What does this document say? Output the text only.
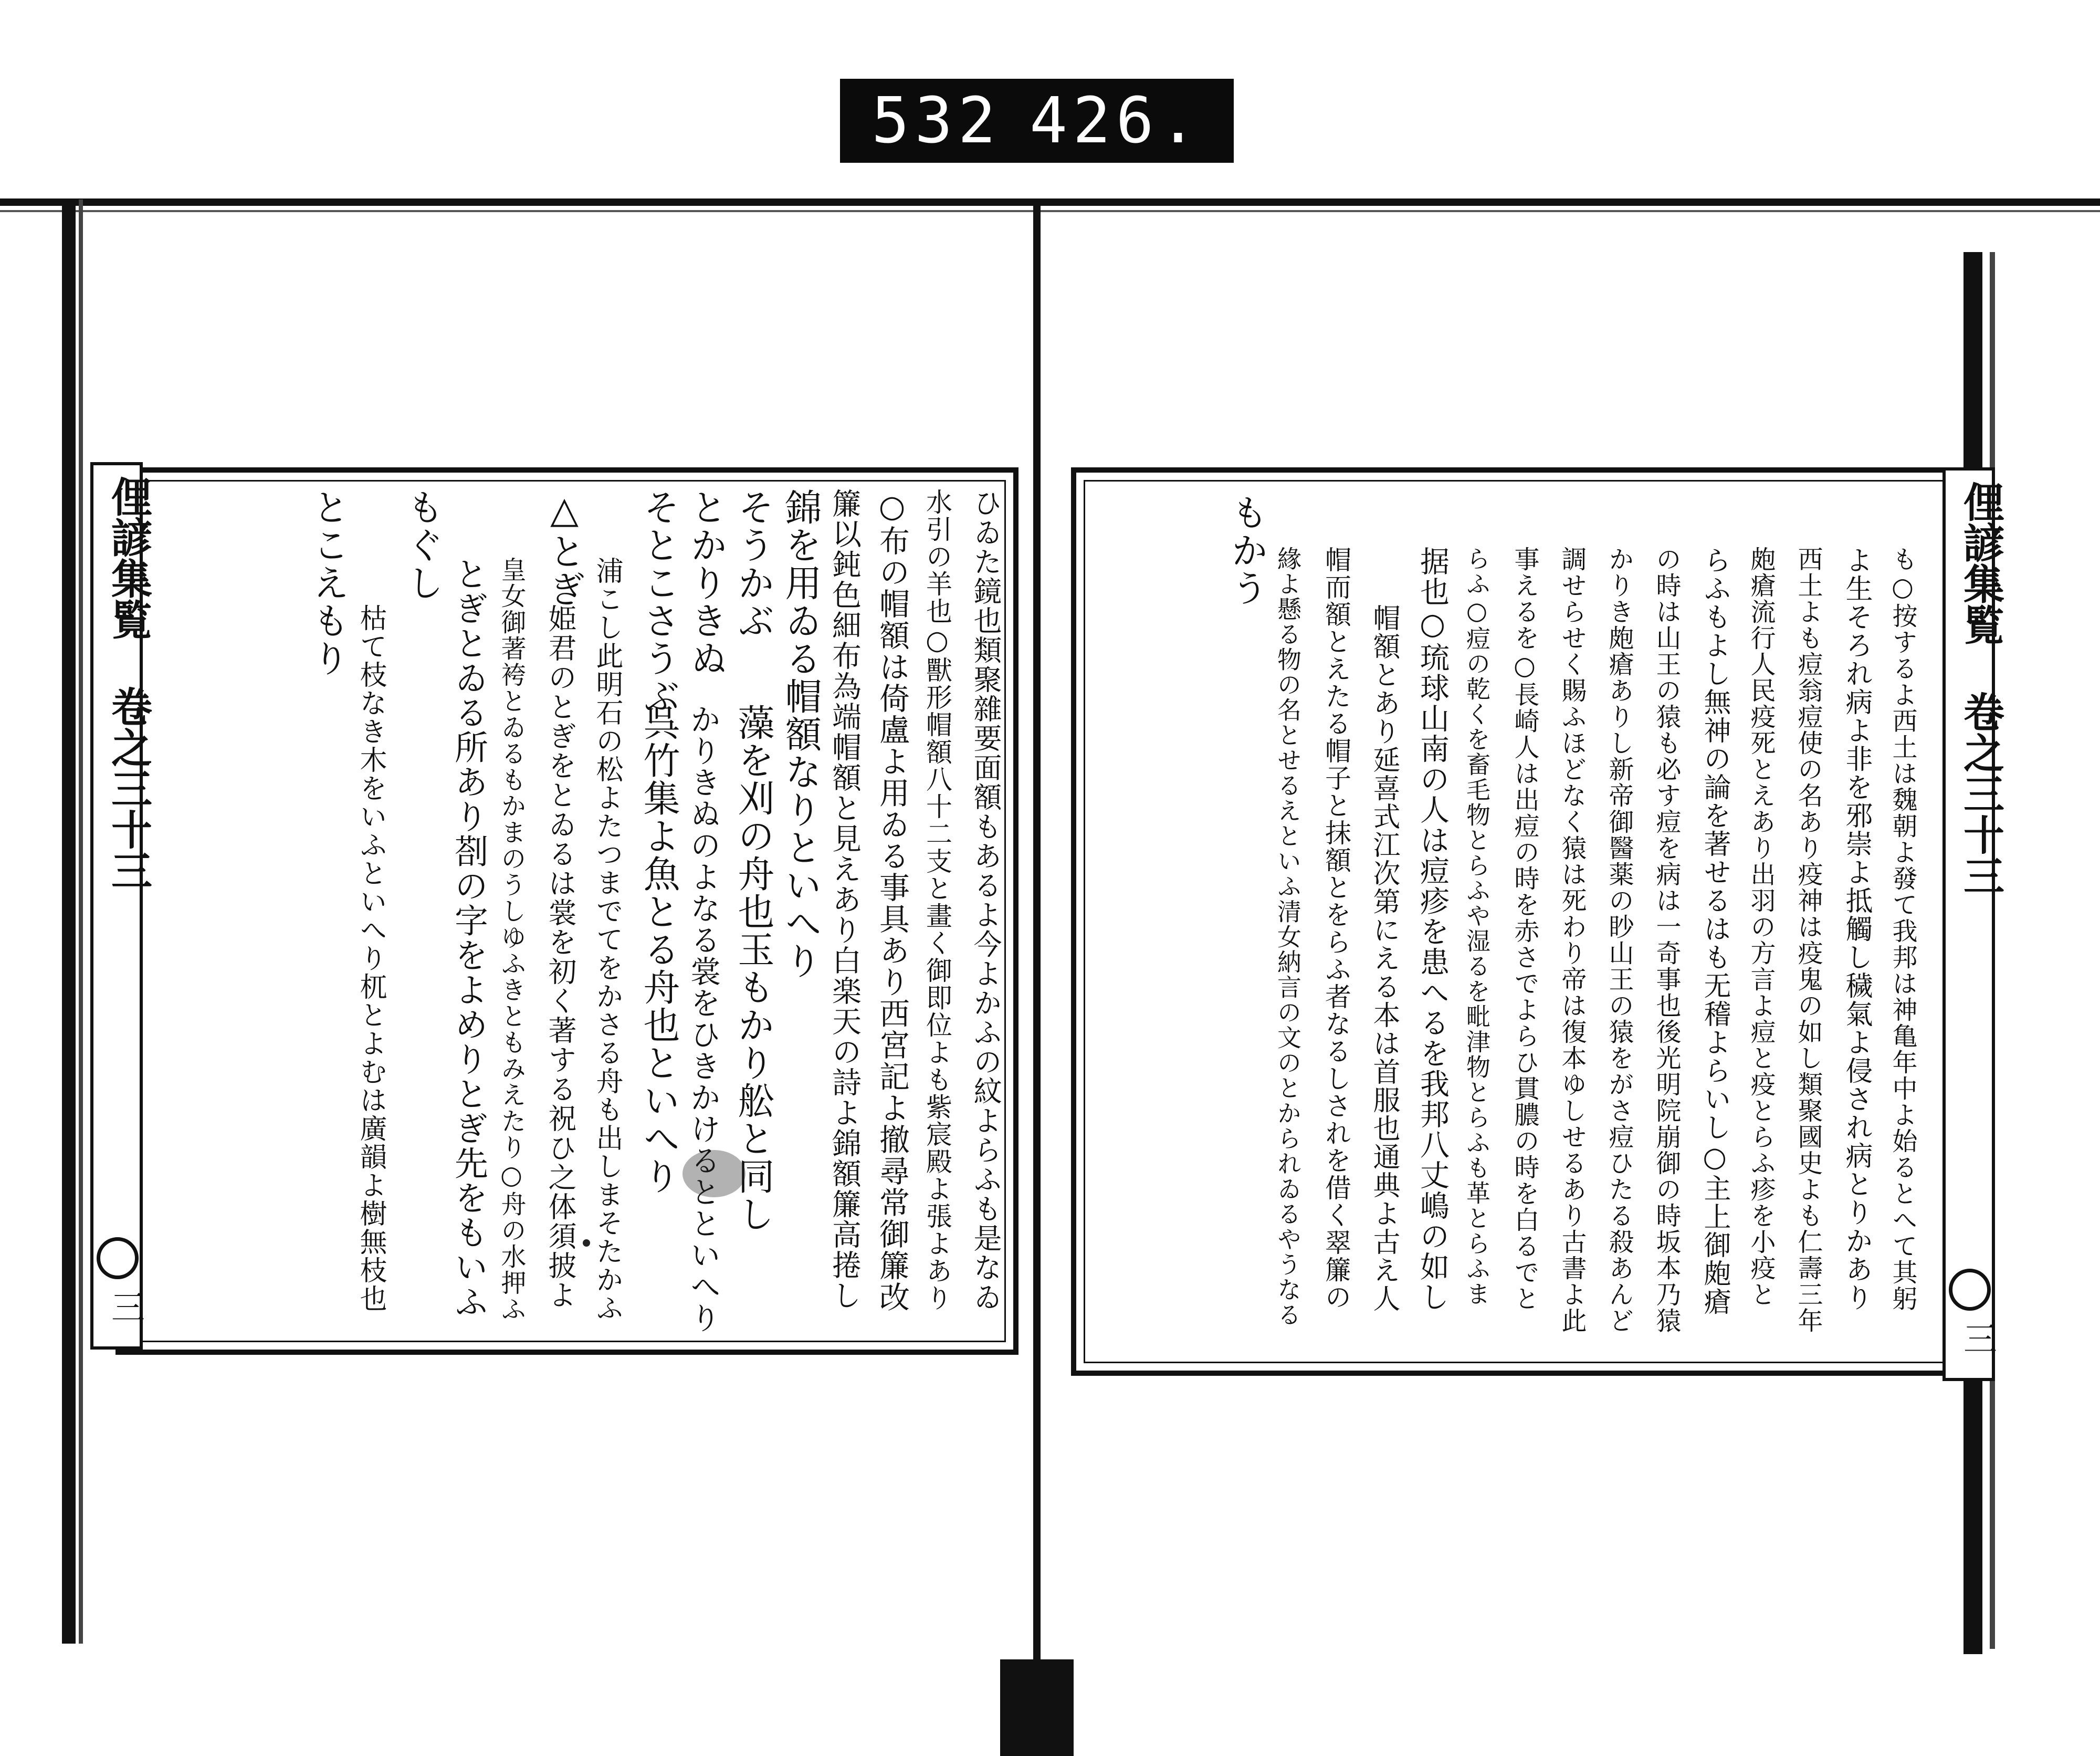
532 426.
俚諺集覧
卷之三十三
三	ひゐた鏡也類聚雜要面額もあるよ今よかふの紋よらふも是なゐ
水引の羊也○獸形帽額八十二支と畫く御即位よも紫宸殿よ張よあり
○布の帽額は倚盧よ用ゐる事具あり西宮記よ撤尋常御簾改
簾以鈍色細布為端帽額と見えあり白楽天の詩よ錦額簾高捲し
錦を用ゐる帽額なりといへり
そうかぶ
藻を刈の舟也玉もかり舩と同し
とかりきぬ
かりきぬのよなる裳をひきかけるとといへり
そとこさうぶ
呉竹集よ魚とる舟也といへり
浦こし此明石の松よたつまでてをかさる舟も出しまそたかふ
△とぎ
姫君のとぎをとゐるは裳を初く著する祝ひ之体須披よ
皇女御著袴とゐるもかまのうしゆふきともみえたり○舟の水押ふ
とぎとゐる所あり剳の字をよめりとぎ先をもいふ
もぐし
枯て枝なき木をいふといへり杌とよむは廣韻よ樹無枝也
とこえもり	俚諺集覧
卷之三十三
三
も○按するよ西土は魏朝よ發て我邦は神亀年中よ始るとへて其躬
よ生そろれ病よ非を邪崇よ抵觸し穢氣よ侵され病とりかあり
西土よも痘翁痘使の名あり疫神は疫鬼の如し類聚國史よも仁壽三年
皰瘡流行人民疫死とえあり出羽の方言よ痘と疫とらふ疹を小疫と
らふもよし無神の論を著せるはも无稽よらいし○主上御皰瘡
の時は山王の猿も必す痘を病は一奇事也後光明院崩御の時坂本乃猿
かりき皰瘡ありし新帝御醫薬の眇山王の猿をがさ痘ひたる殺あんど
調せらせく賜ふほどなく猿は死わり帝は復本ゆしせるあり古書よ此
事えるを○長崎人は出痘の時を赤さでよらひ貫膿の時を白るでと
らふ○痘の乾くを畜毛物とらふや湿るを毗津物とらふも革とらふま
据也○琉球山南の人は痘疹を患へるを我邦八丈嶋の如し
帽額とあり延喜式江次第にえる本は首服也通典よ古え人
帽而額とえたる帽子と抹額とをらふ者なるしされを借く翠簾の
緣よ懸る物の名とせるえといふ清女納言の文のとかられゐるやうなる
もかう
